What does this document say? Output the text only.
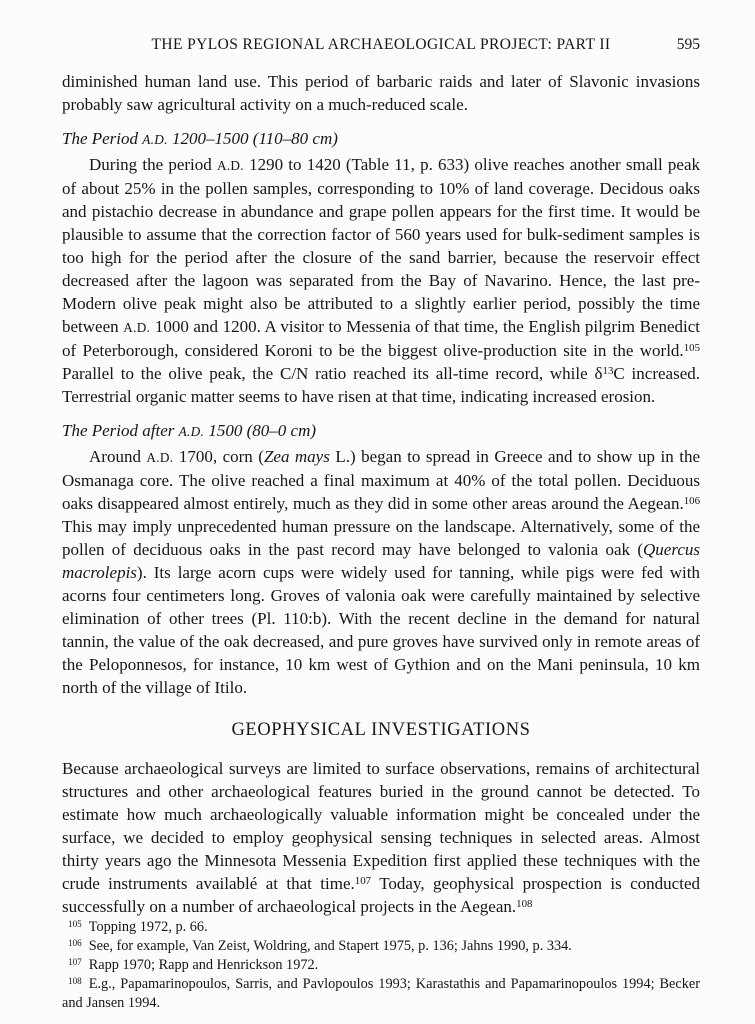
THE PYLOS REGIONAL ARCHAEOLOGICAL PROJECT: PART II	595

diminished human land use. This period of barbaric raids and later of Slavonic invasions probably saw agricultural activity on a much-reduced scale.

The Period A.D. 1200–1500 (110–80 cm)

During the period A.D. 1290 to 1420 (Table 11, p. 633) olive reaches another small peak of about 25% in the pollen samples, corresponding to 10% of land coverage. Decidous oaks and pistachio decrease in abundance and grape pollen appears for the first time. It would be plausible to assume that the correction factor of 560 years used for bulk-sediment samples is too high for the period after the closure of the sand barrier, because the reservoir effect decreased after the lagoon was separated from the Bay of Navarino. Hence, the last pre-Modern olive peak might also be attributed to a slightly earlier period, possibly the time between A.D. 1000 and 1200. A visitor to Messenia of that time, the English pilgrim Benedict of Peterborough, considered Koroni to be the biggest olive-production site in the world.$^{105}$ Parallel to the olive peak, the C/N ratio reached its all-time record, while $\delta^{13}C$ increased. Terrestrial organic matter seems to have risen at that time, indicating increased erosion.

The Period after A.D. 1500 (80–0 cm)

Around A.D. 1700, corn (Zea mays L.) began to spread in Greece and to show up in the Osmanaga core. The olive reached a final maximum at 40% of the total pollen. Deciduous oaks disappeared almost entirely, much as they did in some other areas around the Aegean.$^{106}$ This may imply unprecedented human pressure on the landscape. Alternatively, some of the pollen of deciduous oaks in the past record may have belonged to valonia oak (Quercus macrolepis). Its large acorn cups were widely used for tanning, while pigs were fed with acorns four centimeters long. Groves of valonia oak were carefully maintained by selective elimination of other trees (Pl. 110:b). With the recent decline in the demand for natural tannin, the value of the oak decreased, and pure groves have survived only in remote areas of the Peloponnesos, for instance, 10 km west of Gythion and on the Mani peninsula, 10 km north of the village of Itilo.

GEOPHYSICAL INVESTIGATIONS

Because archaeological surveys are limited to surface observations, remains of architectural structures and other archaeological features buried in the ground cannot be detected. To estimate how much archaeologically valuable information might be concealed under the surface, we decided to employ geophysical sensing techniques in selected areas. Almost thirty years ago the Minnesota Messenia Expedition first applied these techniques with the crude instruments availablé at that time.$^{107}$ Today, geophysical prospection is conducted successfully on a number of archaeological projects in the Aegean.$^{108}$

$^{105}$ Topping 1972, p. 66.

$^{106}$ See, for example, Van Zeist, Woldring, and Stapert 1975, p. 136; Jahns 1990, p. 334.

$^{107}$ Rapp 1970; Rapp and Henrickson 1972.

$^{108}$ E.g., Papamarinopoulos, Sarris, and Pavlopoulos 1993; Karastathis and Papamarinopoulos 1994; Becker and Jansen 1994.
